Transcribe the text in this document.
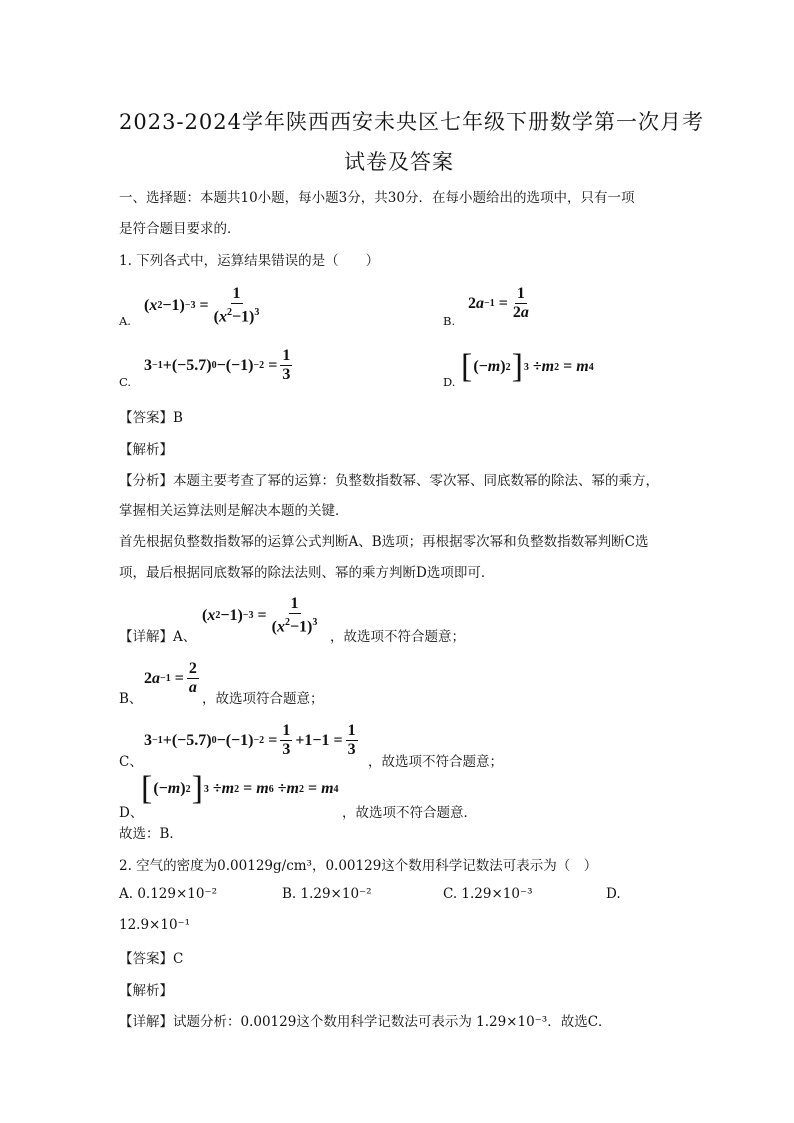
2023-2024学年陕西西安未央区七年级下册数学第一次月考
试卷及答案
一、选择题：本题共10小题，每小题3分，共30分．在每小题给出的选项中，只有一项
是符合题目要求的．
1. 下列各式中，运算结果错误的是（　　）
A.
( x $2 -1) -3 = \frac{1}{(x^2-1)^3}$	B.
2 $a -1 = \frac{1}{2a}$
C.
3 −1 +(−5.7) $0 -(-1) -2 = \frac{1}{3}$	D. [ (− m ) 2 ] 3 ÷ m 2 = m 4
【答案】B
【解析】
【分析】本题主要考查了幂的运算：负整数指数幂、零次幂、同底数幂的除法、幂的乘方，
掌握相关运算法则是解决本题的关键．
首先根据负整数指数幂的运算公式判断A、B选项；再根据零次幂和负整数指数幂判断C选
项，最后根据同底数幂的除法法则、幂的乘方判断D选项即可．
【详解】A、
( x $2 -1) -3 = \frac{1}{(x^2-1)^3}$
，故选项不符合题意；
B、
2 $a -1 = \frac{2}{a}$
，故选项符合题意；
C、
3 −1 +(−5.7) $0 -(-1) -2 = \frac{1}{3} +1-1 = \frac{1}{3}$
，故选项不符合题意；
D、
[ (− m ) 2 ] 3 ÷ m 2 = m 6 ÷ m 2 = m 4
，故选项不符合题意．
故选：B．
2. 空气的密度为0.00129g/cm³，0.00129这个数用科学记数法可表示为（　）
A. 0.129×10⁻²	B. 1.29×10⁻²	C. 1.29×10⁻³	D.
12.9×10⁻¹
【答案】C
【解析】
【详解】试题分析：0.00129这个数用科学记数法可表示为 1.29×10⁻³．故选C．
